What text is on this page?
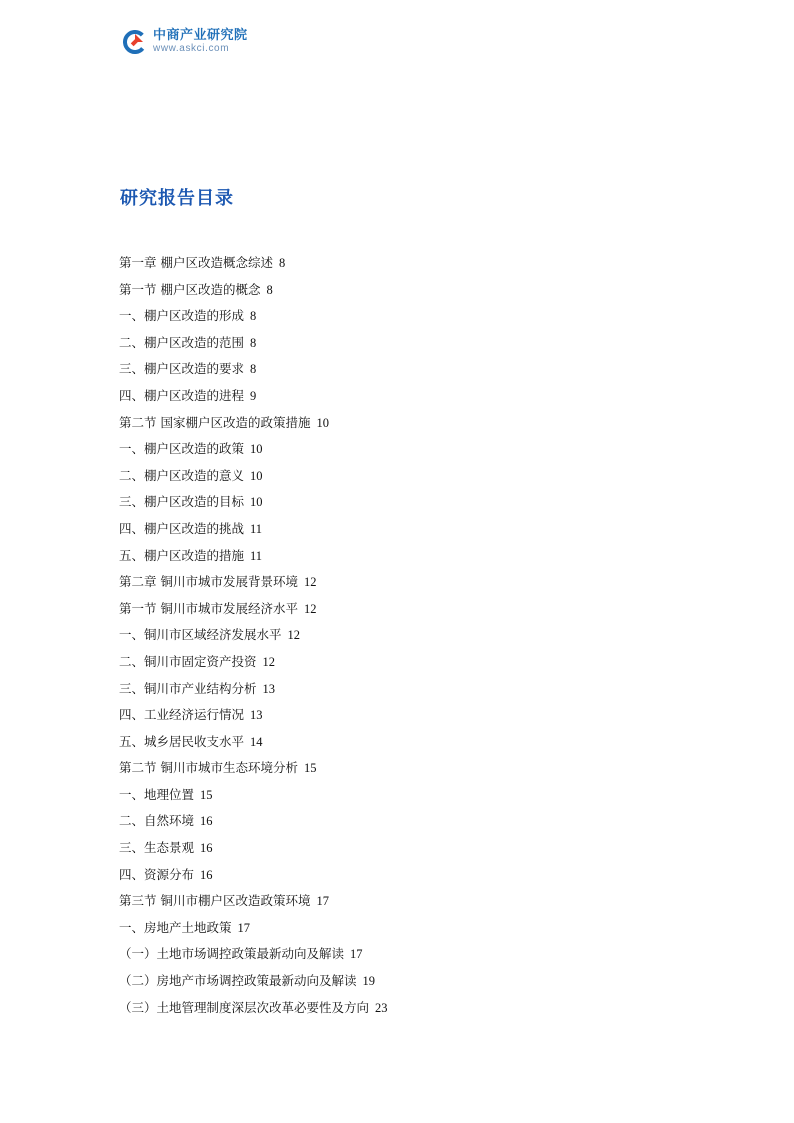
中商产业研究院
www.askci.com
研究报告目录
第一章 棚户区改造概念综述 8
第一节 棚户区改造的概念 8
一、棚户区改造的形成 8
二、棚户区改造的范围 8
三、棚户区改造的要求 8
四、棚户区改造的进程 9
第二节 国家棚户区改造的政策措施 10
一、棚户区改造的政策 10
二、棚户区改造的意义 10
三、棚户区改造的目标 10
四、棚户区改造的挑战 11
五、棚户区改造的措施 11
第二章 铜川市城市发展背景环境 12
第一节 铜川市城市发展经济水平 12
一、铜川市区域经济发展水平 12
二、铜川市固定资产投资 12
三、铜川市产业结构分析 13
四、工业经济运行情况 13
五、城乡居民收支水平 14
第二节 铜川市城市生态环境分析 15
一、地理位置 15
二、自然环境 16
三、生态景观 16
四、资源分布 16
第三节 铜川市棚户区改造政策环境 17
一、房地产土地政策 17
（一）土地市场调控政策最新动向及解读 17
（二）房地产市场调控政策最新动向及解读 19
（三）土地管理制度深层次改革必要性及方向 23
